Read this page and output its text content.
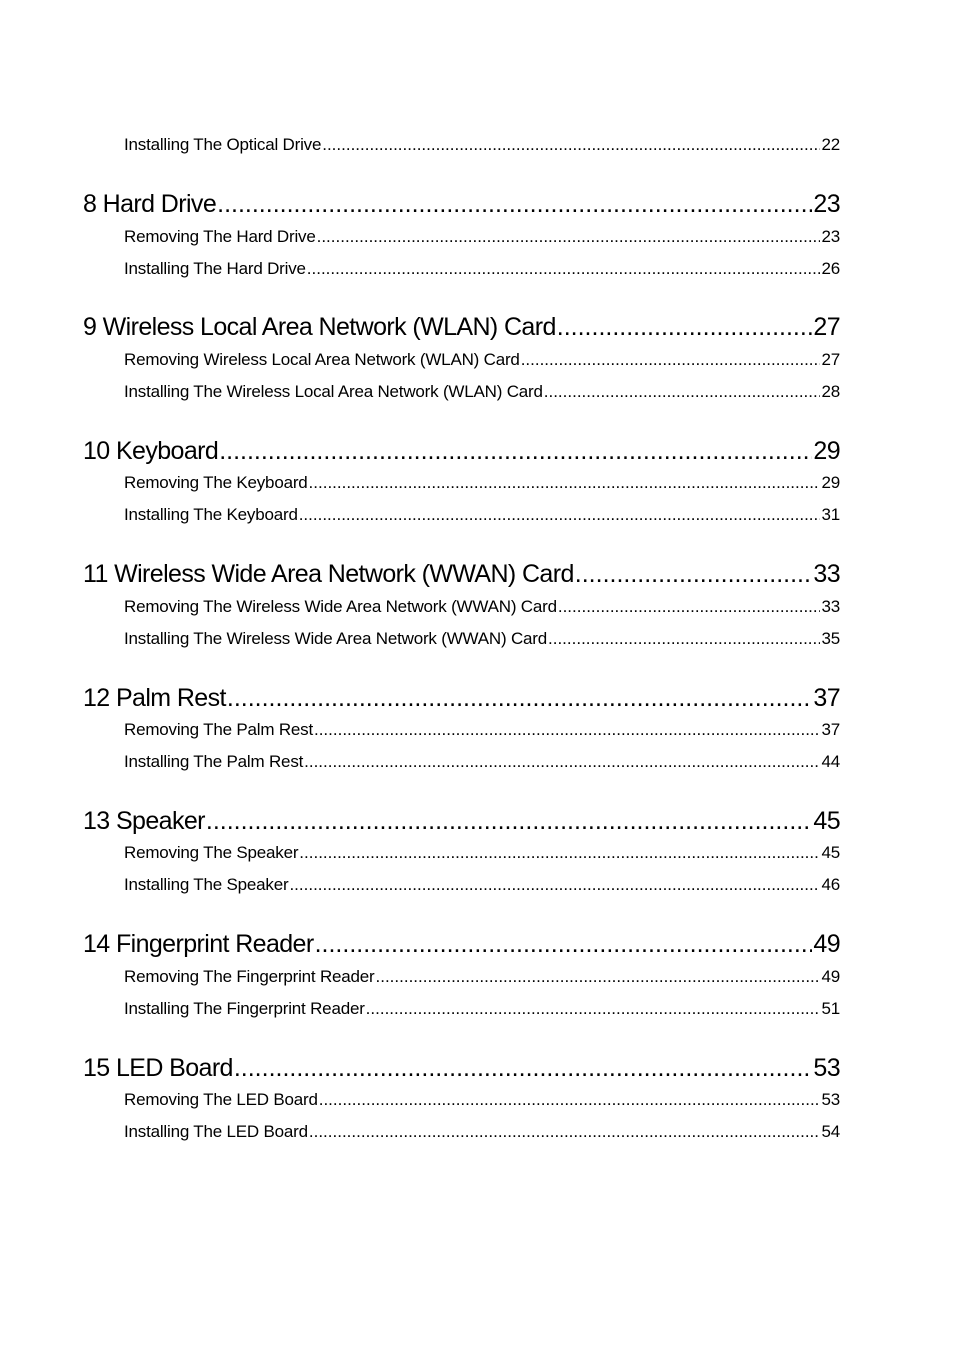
Installing The Optical Drive .....	22
8 Hard Drive .....	23
Removing The Hard Drive .....	23
Installing The Hard Drive .....	26
9 Wireless Local Area Network (WLAN) Card .....	27
Removing Wireless Local Area Network (WLAN) Card .....	27
Installing The Wireless Local Area Network (WLAN) Card .....	28
10 Keyboard .....	29
Removing The Keyboard .....	29
Installing The Keyboard .....	31
11 Wireless Wide Area Network (WWAN) Card .....	33
Removing The Wireless Wide Area Network (WWAN) Card .....	33
Installing The Wireless Wide Area Network (WWAN) Card .....	35
12 Palm Rest .....	37
Removing The Palm Rest .....	37
Installing The Palm Rest .....	44
13 Speaker .....	45
Removing The Speaker .....	45
Installing The Speaker .....	46
14 Fingerprint Reader .....	49
Removing The Fingerprint Reader .....	49
Installing The Fingerprint Reader .....	51
15 LED Board .....	53
Removing The LED Board .....	53
Installing The LED Board .....	54
